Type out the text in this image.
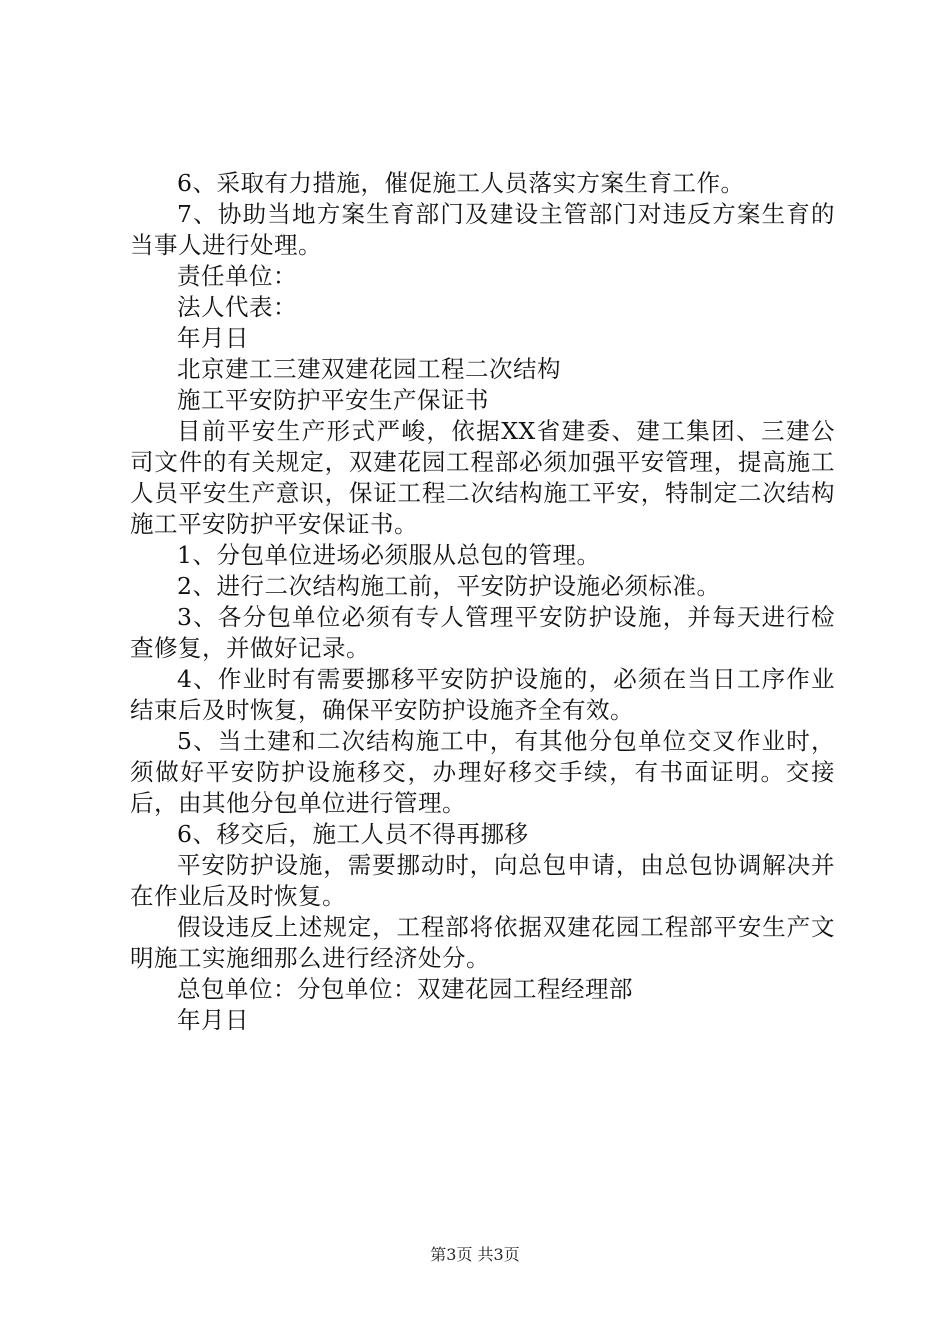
6、采取有力措施，催促施工人员落实方案生育工作。

7、协助当地方案生育部门及建设主管部门对违反方案生育的当事人进行处理。

责任单位：

法人代表：

年月日

北京建工三建双建花园工程二次结构

施工平安防护平安生产保证书

目前平安生产形式严峻，依据XX省建委、建工集团、三建公司文件的有关规定，双建花园工程部必须加强平安管理，提高施工人员平安生产意识，保证工程二次结构施工平安，特制定二次结构施工平安防护平安保证书。

1、分包单位进场必须服从总包的管理。

2、进行二次结构施工前，平安防护设施必须标准。

3、各分包单位必须有专人管理平安防护设施，并每天进行检查修复，并做好记录。

4、作业时有需要挪移平安防护设施的，必须在当日工序作业结束后及时恢复，确保平安防护设施齐全有效。

5、当土建和二次结构施工中，有其他分包单位交叉作业时，须做好平安防护设施移交，办理好移交手续，有书面证明。交接后，由其他分包单位进行管理。

6、移交后，施工人员不得再挪移

平安防护设施，需要挪动时，向总包申请，由总包协调解决并在作业后及时恢复。

假设违反上述规定，工程部将依据双建花园工程部平安生产文明施工实施细那么进行经济处分。

总包单位：分包单位：双建花园工程经理部

年月日

第3页 共3页
